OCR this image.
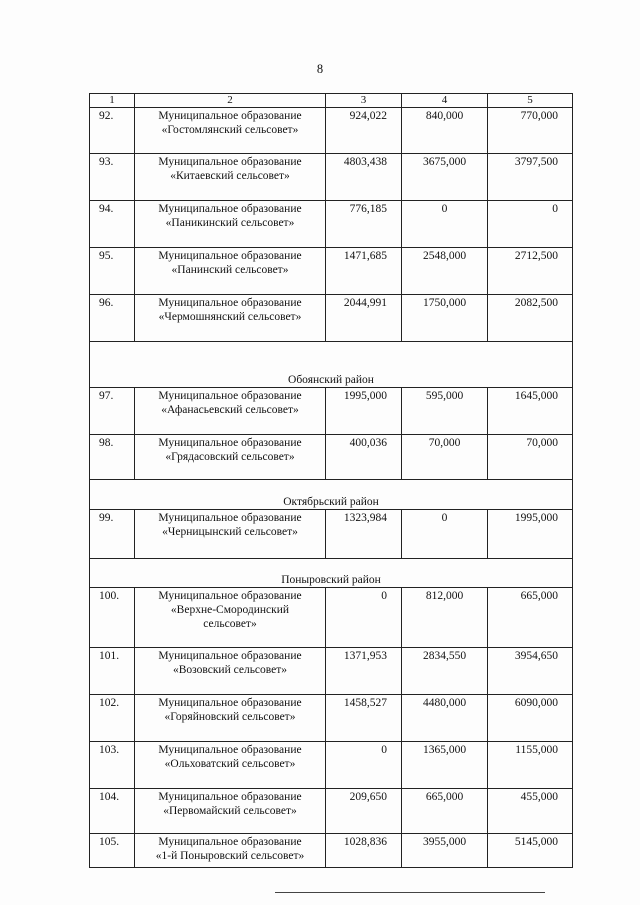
8
1	2	3	4	5
92.	Муниципальное образование
«Гостомлянский сельсовет»	924,022	840,000	770,000
93.	Муниципальное образование
«Китаевский сельсовет»	4803,438	3675,000	3797,500
94.	Муниципальное образование
«Паникинский сельсовет»	776,185	0	0
95.	Муниципальное образование
«Панинский сельсовет»	1471,685	2548,000	2712,500
96.	Муниципальное образование
«Чермошнянский сельсовет»	2044,991	1750,000	2082,500
Обоянский район				
97.	Муниципальное образование
«Афанасьевский сельсовет»	1995,000	595,000	1645,000
98.	Муниципальное образование
«Грядасовский сельсовет»	400,036	70,000	70,000
Октябрьский район				
99.	Муниципальное образование
«Черницынский сельсовет»	1323,984	0	1995,000
Поныровский район				
100.	Муниципальное образование
«Верхне-Смородинский
сельсовет»	0	812,000	665,000
101.	Муниципальное образование
«Возовский сельсовет»	1371,953	2834,550	3954,650
102.	Муниципальное образование
«Горяйновский сельсовет»	1458,527	4480,000	6090,000
103.	Муниципальное образование
«Ольховатский сельсовет»	0	1365,000	1155,000
104.	Муниципальное образование
«Первомайский сельсовет»	209,650	665,000	455,000
105.	Муниципальное образование
«1-й Поныровский сельсовет»	1028,836	3955,000	5145,000
